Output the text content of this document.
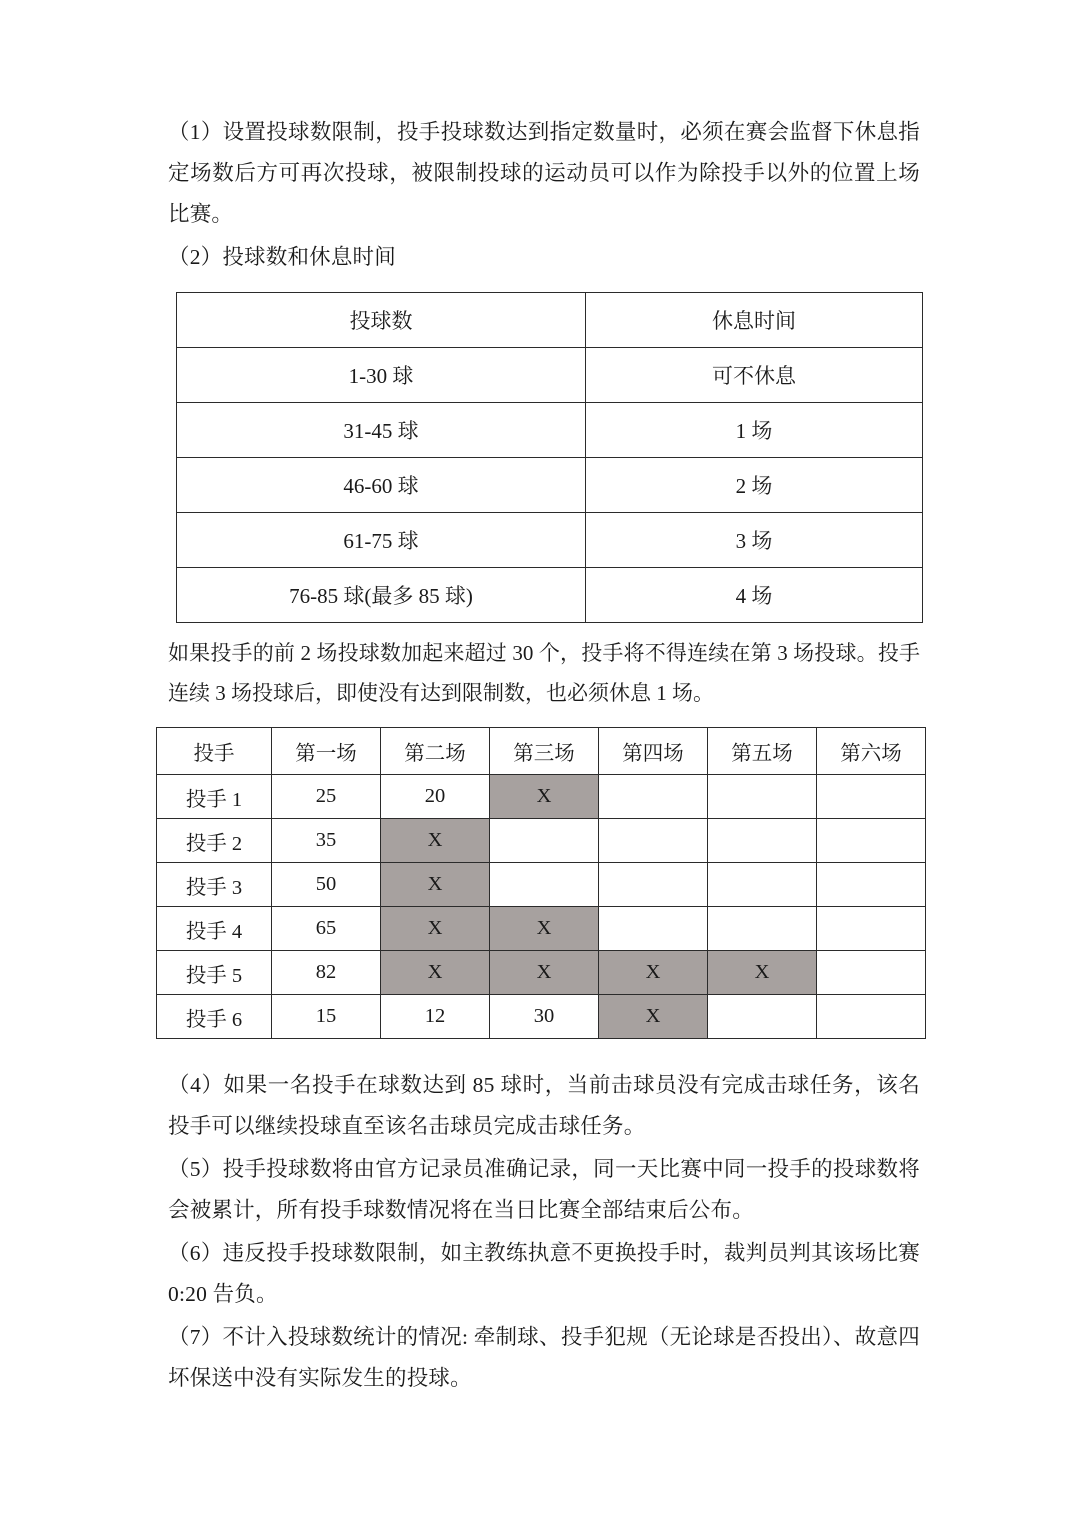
（1）设置投球数限制，投手投球数达到指定数量时，必须在赛会监督下休息指定场数后方可再次投球，被限制投球的运动员可以作为除投手以外的位置上场比赛。

（2）投球数和休息时间

投球数	休息时间
1-30 球	可不休息
31-45 球	1 场
46-60 球	2 场
61-75 球	3 场
76-85 球(最多 85 球)	4 场

如果投手的前 2 场投球数加起来超过 30 个，投手将不得连续在第 3 场投球。投手连续 3 场投球后，即使没有达到限制数，也必须休息 1 场。

投手	第一场	第二场	第三场	第四场	第五场	第六场
投手 1	25	20	X			
投手 2	35	X				
投手 3	50	X				
投手 4	65	X	X			
投手 5	82	X	X	X	X	
投手 6	15	12	30	X		

（4）如果一名投手在球数达到 85 球时，当前击球员没有完成击球任务，该名投手可以继续投球直至该名击球员完成击球任务。

（5）投手投球数将由官方记录员准确记录，同一天比赛中同一投手的投球数将会被累计，所有投手球数情况将在当日比赛全部结束后公布。

（6）违反投手投球数限制，如主教练执意不更换投手时，裁判员判其该场比赛0:20 告负。

（7）不计入投球数统计的情况: 牵制球、投手犯规（无论球是否投出）、故意四坏保送中没有实际发生的投球。
